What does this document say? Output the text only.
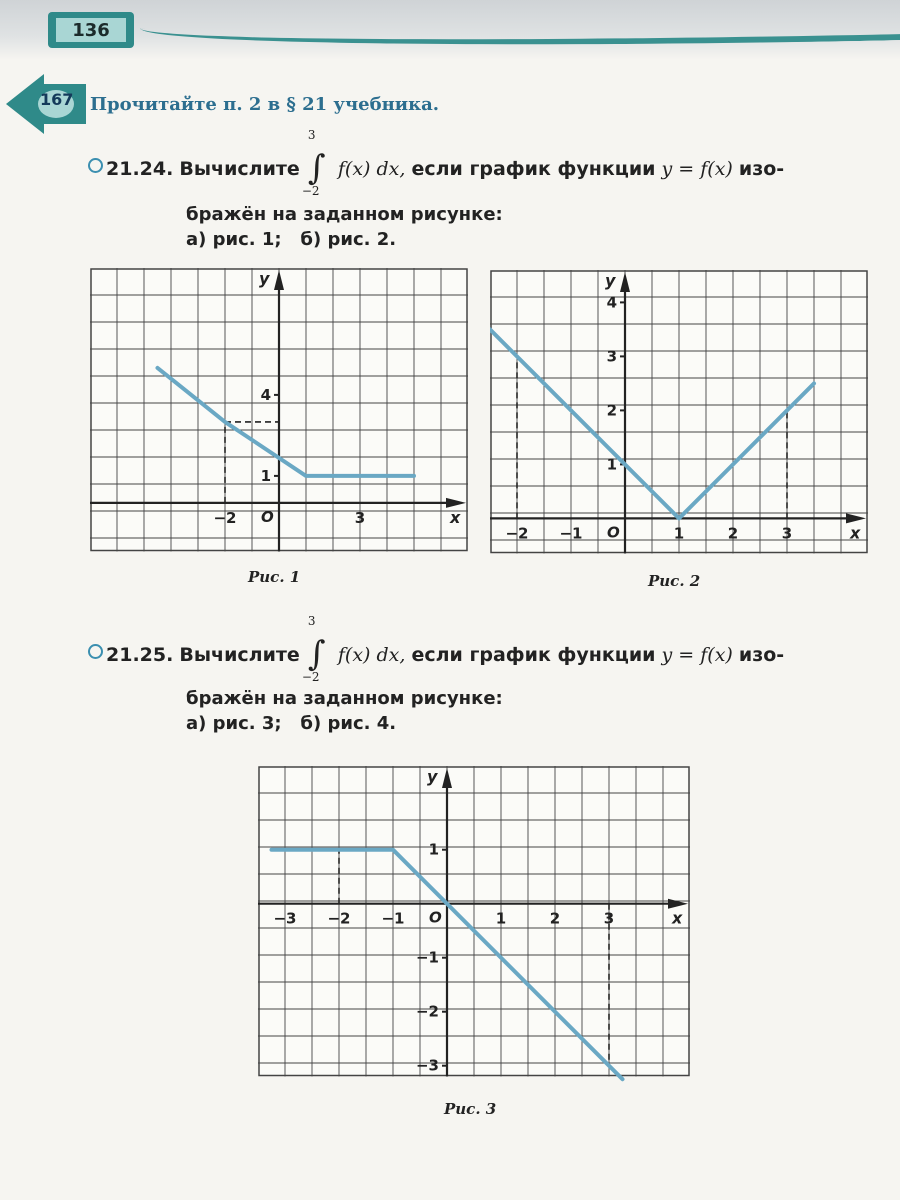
136
167 Прочитайте п. 2 в § 21 учебника.
21.24. Вычислите
3
∫
−2
f(x) dx, если график функции y = f(x) изо-
бражён на заданном рисунке:
а) рис. 1;   б) рис. 2.
x
y
O
−2	3
4
1
Рис. 1
x
y
O
−2 −1	1	2	3
4
3
2
1
Рис. 2
21.25. Вычислите
3
∫
−2
f(x) dx, если график функции y = f(x) изо-
бражён на заданном рисунке:
а) рис. 3;   б) рис. 4.
x
y
O
−3 −2 −1	1	2	3
1
−1
−2
−3
Рис. 3
